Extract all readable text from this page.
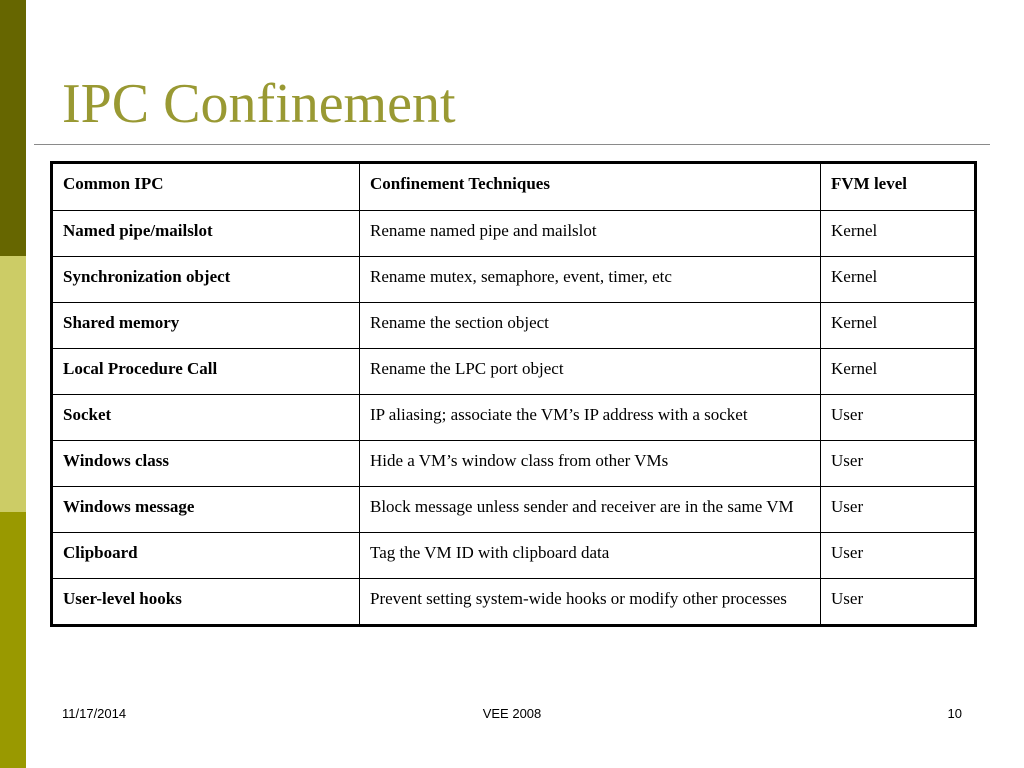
IPC Confinement
Common IPC	Confinement Techniques	FVM level
Named pipe/mailslot	Rename named pipe and mailslot	Kernel
Synchronization object	Rename mutex, semaphore, event, timer, etc	Kernel
Shared memory	Rename the section object	Kernel
Local Procedure Call	Rename the LPC port object	Kernel
Socket	IP aliasing; associate the VM’s IP address with a socket	User
Windows class	Hide a VM’s window class from other VMs	User
Windows message	Block message unless sender and receiver are in the same VM	User
Clipboard	Tag the VM ID with clipboard data	User
User-level hooks	Prevent setting system-wide hooks or modify other processes	User
11/17/2014	VEE 2008	10
